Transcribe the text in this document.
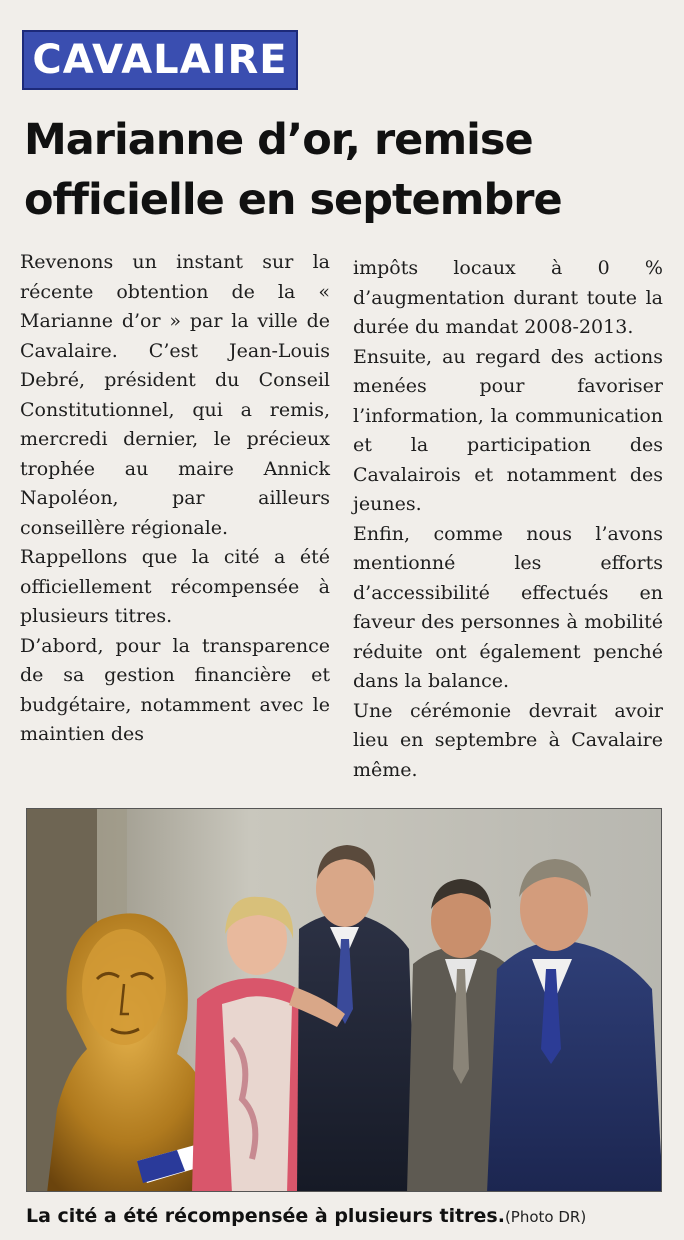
CAVALAIRE
Marianne d’or, remise
officielle en septembre

Revenons un instant sur la récente obtention de la « Marianne d’or » par la ville de Cavalaire. C’est Jean-Louis Debré, président du Conseil Constitutionnel, qui a remis, mercredi dernier, le précieux trophée au maire Annick Napoléon, par ailleurs conseillère régionale.

Rappellons que la cité a été officiellement récompensée à plusieurs titres.

D’abord, pour la transparence de sa gestion financière et budgétaire, notamment avec le maintien des

impôts locaux à 0 % d’augmentation durant toute la durée du mandat 2008-2013.

Ensuite, au regard des actions menées pour favoriser l’information, la communication et la participation des Cavalairois et notamment des jeunes.

Enfin, comme nous l’avons mentionné les efforts d’accessibilité effectués en faveur des personnes à mobilité réduite ont également penché dans la balance.

Une cérémonie devrait avoir lieu en septembre à Cavalaire même.

La cité a été récompensée à plusieurs titres.(Photo DR)
